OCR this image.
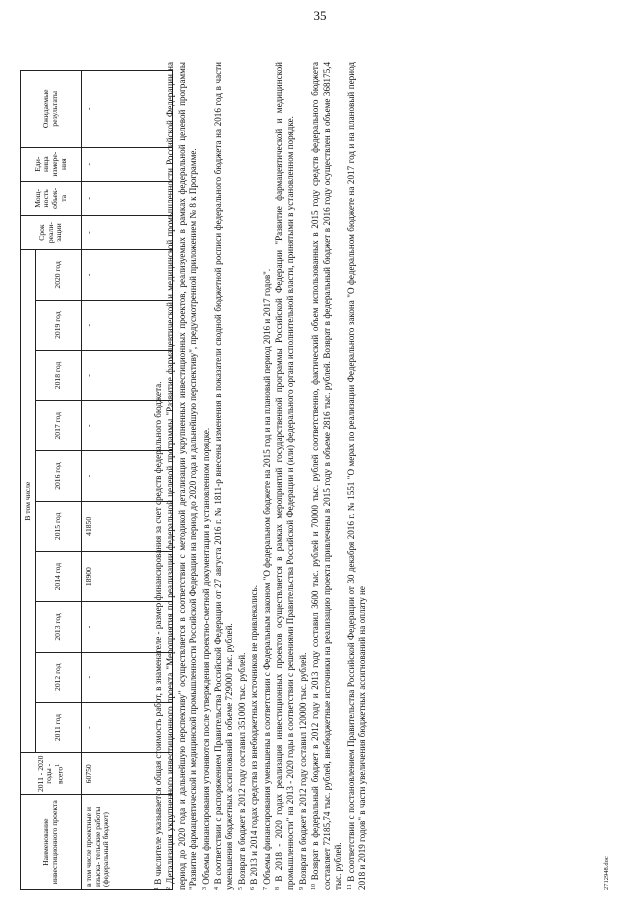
35
Наименование инвестиционного проекта	2011 - 2020 годы - всего$^1$	В том числе										Срок реали- зации	Мощ- ность объек- та	Еди- ница измере- ния	Ожидаемые результаты
		2011 год	2012 год	2013 год	2014 год	2015 год	2016 год	2017 год	2018 год	2019 год	2020 год				
в том числе проектные и изыска- тельские работы (федеральный бюджет)	60750	-	-	-	18900	41850	-	-	-	-	-	-	-	-	-

$^1$ В числителе указывается общая стоимость работ, в знаменателе - размер финансирования за счет средств федерального бюджета.

$^2$ Детализация укрупненного инвестиционного проекта "Мероприятия по реализации федеральной целевой программы "Развитие фармацевтической и медицинской промышленности Российской Федерации на период до 2020 года и дальнейшую перспективу" осуществляется в соответствии с методикой детализации укрупненных инвестиционных проектов, реализуемых в рамках федеральной целевой программы "Развитие фармацевтической и медицинской промышленности Российской Федерации на период до 2020 года и дальнейшую перспективу", предусмотренной приложением № 8 к Программе. $^3$ Объемы финансирования уточняются после утверждения проектно-сметной документации в установленном порядке.

$^4$ В соответствии с распоряжением Правительства Российской Федерации от 27 августа 2016 г. № 1811-р внесены изменения в показатели сводной бюджетной росписи федерального бюджета на 2016 год в части уменьшения бюджетных ассигнований в объеме 729000 тыс. рублей. $^5$ Возврат в бюджет в 2012 году составил 351000 тыс. рублей.

$^6$ В 2013 и 2014 годах средства из внебюджетных источников не привлекались.

$^7$ Объемы финансирования уменьшены в соответствии с Федеральным законом "О федеральном бюджете на 2015 год и на плановый период 2016 и 2017 годов".

$^8$ В 2018 - 2020 годах реализация инвестиционных проектов осуществляется в рамках мероприятий государственной программы Российской Федерации "Развитие фармацевтической и медицинской промышленности" на 2013 - 2020 годы в соответствии с решениями Правительства Российской Федерации и (или) федерального органа исполнительной власти, принятыми в установленном порядке. $^9$ Возврат в бюджет в 2012 году составил 120000 тыс. рублей.

$^{10}$ Возврат в федеральный бюджет в 2012 году и 2013 году составил 3600 тыс. рублей и 70000 тыс. рублей соответственно, фактический объем использованных в 2015 году средств федерального бюджета составляет 72185,74 тыс. рублей, внебюджетные источники на реализацию проекта привлечены в 2015 году в объеме 2816 тыс. рублей. Возврат в федеральный бюджет в 2016 году осуществлен в объеме 368175,4 тыс. рублей. $^{11}$ В соответствии с постановлением Правительства Российской Федерации от 30 декабря 2016 г. № 1551 "О мерах по реализации Федерального закона "О федеральном бюджете на 2017 год и на плановый период 2018 и 2019 годов" в части увеличения бюджетных ассигнований на оплату не	2712948.doc
